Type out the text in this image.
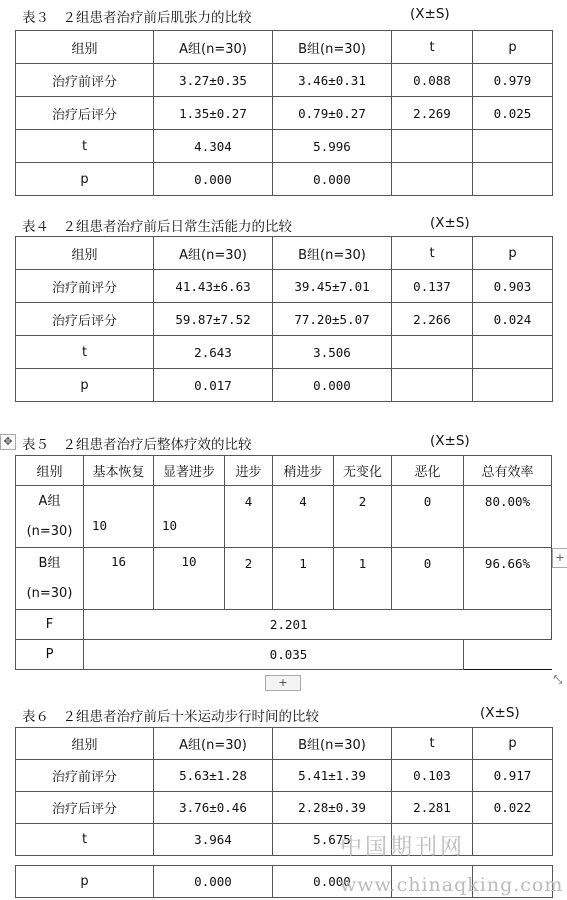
表３　２组患者治疗前后肌张力的比较	(X±S)
组别	A组(n=30)	B组(n=30)	t	p
治疗前评分	3.27±0.35	3.46±0.31	0.088	0.979
治疗后评分	1.35±0.27	0.79±0.27	2.269	0.025
t	4.304	5.996		
p	0.000	0.000		
表４　２组患者治疗前后日常生活能力的比较	(X±S)
组别	A组(n=30)	B组(n=30)	t	p
治疗前评分	41.43±6.63	39.45±7.01	0.137	0.903
治疗后评分	59.87±7.52	77.20±5.07	2.266	0.024
t	2.643	3.506		
p	0.017	0.000		
✥ 表５　２组患者治疗后整体疗效的比较	(X±S)
组别	基本恢复	显著进步	进步	稍进步	无变化	恶化	总有效率

A组
(n=30)	10	10	4	4	2	0	80.00%

B组
(n=30)	16	10	2	1	1	0	96.66%
F	2.201						
P	0.035						
+
+
⤡
表６　２组患者治疗前后十米运动步行时间的比较	(X±S)
组别	A组(n=30)	B组(n=30)	t	p
治疗前评分	5.63±1.28	5.41±1.39	0.103	0.917
治疗后评分	3.76±0.46	2.28±0.39	2.281	0.022
t	3.964	5.675		

p	0.000	0.000		
中国期刊网
www.chinaqking.com
